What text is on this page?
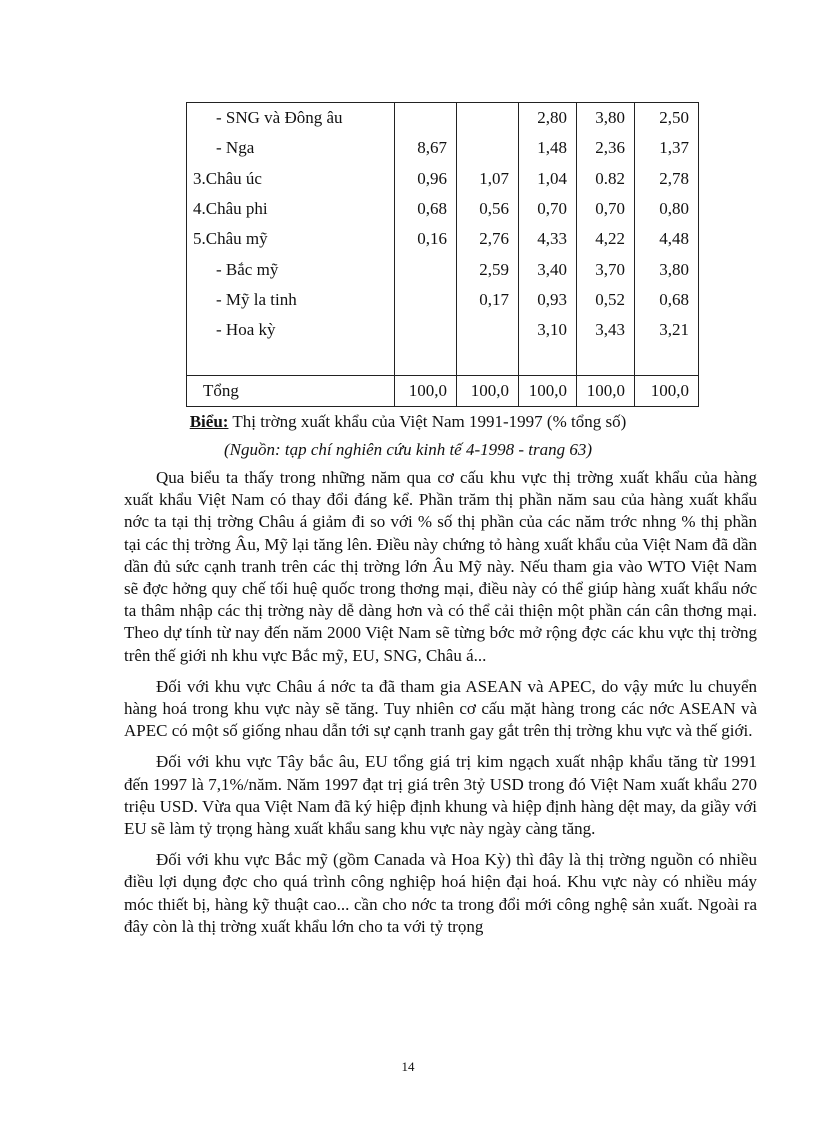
- SNG và Đông âu			2,80	3,80	2,50
- Nga	8,67		1,48	2,36	1,37
3.Châu úc	0,96	1,07	1,04	0.82	2,78
4.Châu phi	0,68	0,56	0,70	0,70	0,80
5.Châu mỹ	0,16	2,76	4,33	4,22	4,48
- Bắc mỹ		2,59	3,40	3,70	3,80
- Mỹ la tinh		0,17	0,93	0,52	0,68
- Hoa kỳ			3,10	3,43	3,21

Tổng	100,0	100,0	100,0	100,0	100,0
Biểu: Thị trờng xuất khẩu của Việt Nam 1991-1997 (% tổng số)
(Nguồn: tạp chí nghiên cứu kinh tế 4-1998 - trang 63)

Qua biểu ta thấy trong những năm qua cơ cấu khu vực thị trờng xuất khẩu của hàng xuất khẩu Việt Nam có thay đổi đáng kể. Phần trăm thị phần năm sau của hàng xuất khẩu nớc ta tại thị trờng Châu á giảm đi so với % số thị phần của các năm trớc nhng % thị phần tại các thị trờng Âu, Mỹ lại tăng lên. Điều này chứng tỏ hàng xuất khẩu của Việt Nam đã dần dần đủ sức cạnh tranh trên các thị trờng lớn Âu Mỹ này. Nếu tham gia vào WTO Việt Nam sẽ đợc hởng quy chế tối huệ quốc trong thơng mại, điều này có thể giúp hàng xuất khẩu nớc ta thâm nhập các thị trờng này dễ dàng hơn và có thể cải thiện một phần cán cân thơng mại. Theo dự tính từ nay đến năm 2000 Việt Nam sẽ từng bớc mở rộng đợc các khu vực thị trờng trên thế giới nh khu vực Bắc mỹ, EU, SNG, Châu á...

Đối với khu vực Châu á nớc ta đã tham gia ASEAN và APEC, do vậy mức lu chuyển hàng hoá trong khu vực này sẽ tăng. Tuy nhiên cơ cấu mặt hàng trong các nớc ASEAN và APEC có một số giống nhau dẫn tới sự cạnh tranh gay gắt trên thị trờng khu vực và thế giới.

Đối với khu vực Tây bắc âu, EU tổng giá trị kim ngạch xuất nhập khẩu tăng từ 1991 đến 1997 là 7,1%/năm. Năm 1997 đạt trị giá trên 3tỷ USD trong đó Việt Nam xuất khẩu 270 triệu USD. Vừa qua Việt Nam đã ký hiệp định khung và hiệp định hàng dệt may, da giầy với EU sẽ làm tỷ trọng hàng xuất khẩu sang khu vực này ngày càng tăng.

Đối với khu vực Bắc mỹ (gồm Canada và Hoa Kỳ) thì đây là thị trờng nguồn có nhiều điều lợi dụng đợc cho quá trình công nghiệp hoá hiện đại hoá. Khu vực này có nhiều máy móc thiết bị, hàng kỹ thuật cao... cần cho nớc ta trong đổi mới công nghệ sản xuất. Ngoài ra đây còn là thị trờng xuất khẩu lớn cho ta với tỷ trọng

14
